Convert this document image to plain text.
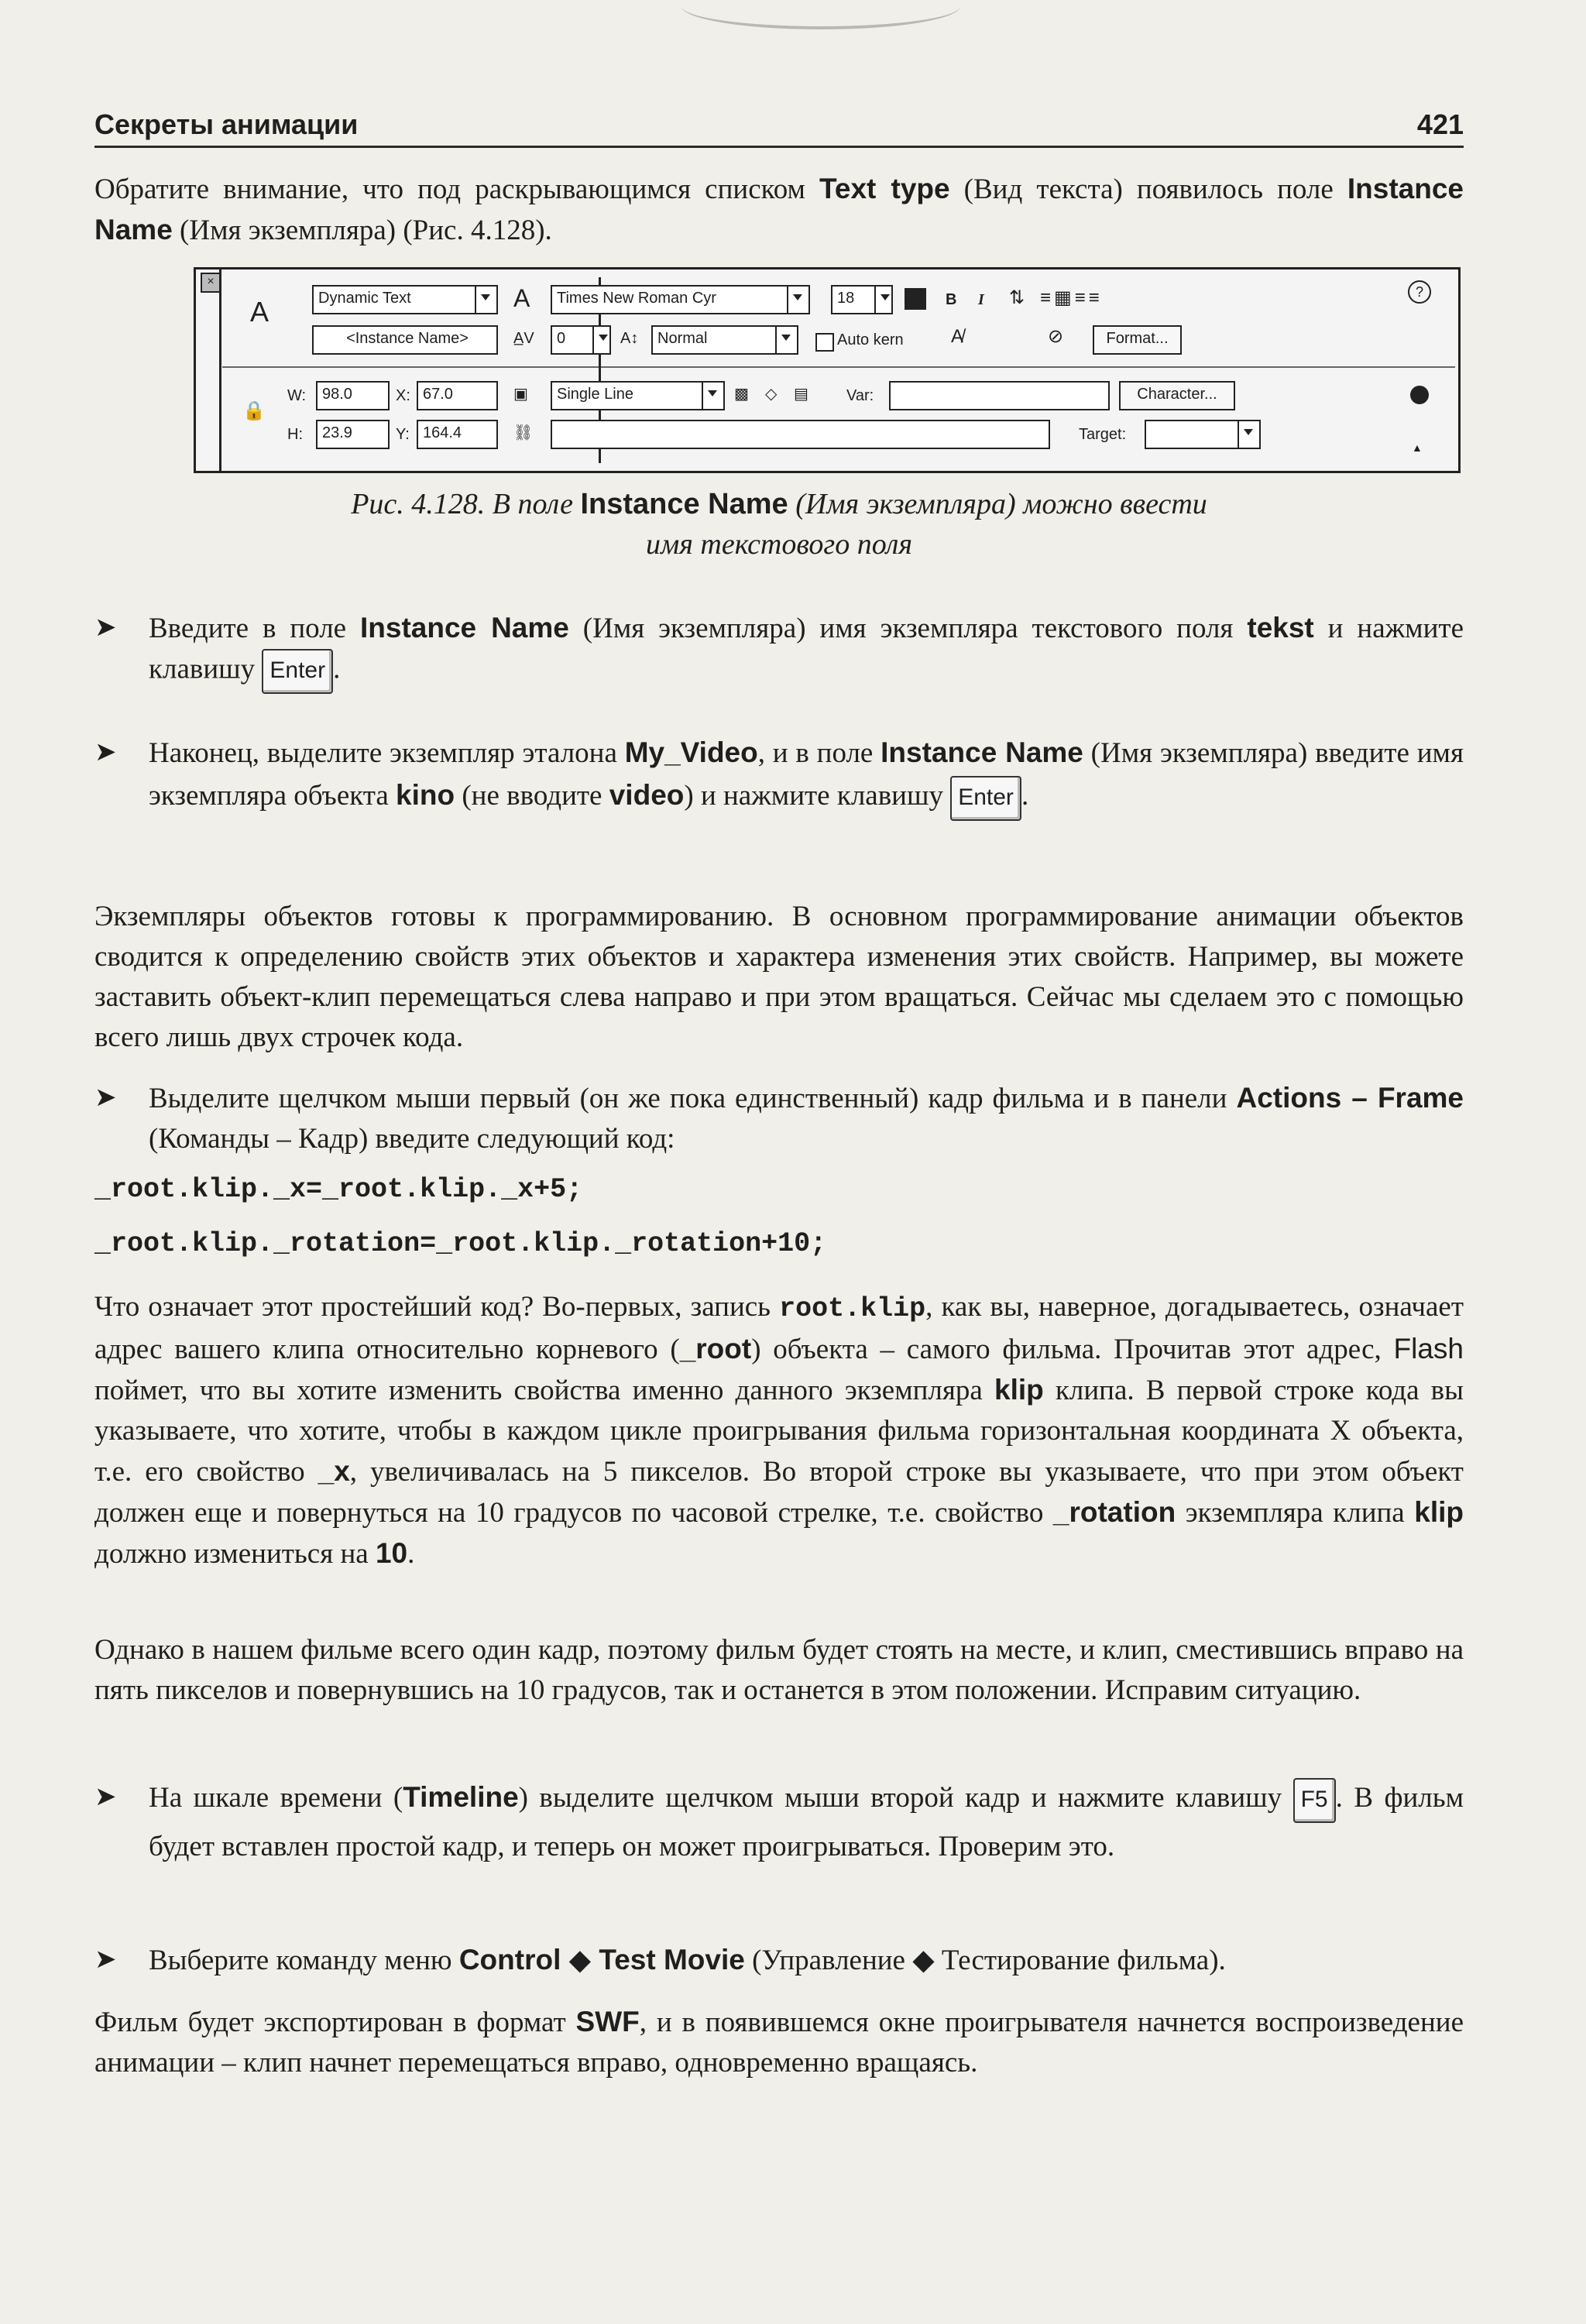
Секреты анимации	421
Обратите внимание, что под раскрывающимся списком Text type (Вид текста) появилось поле Instance Name (Имя экземпляра) (Рис. 4.128).
×
A
🔒
Dynamic Text
<Instance Name>
W:	98.0	X: 67.0
H:	23.9	Y: 164.4
A	Times New Roman Cyr	18	B I ⇅ ≡▦≡≡	?
A̲V	0	A↕	Normal	Auto kern	A̸	⊘	Format...
▣	Single Line	▩ ◇ ▤ Var:	Character...
⛓	Target:
▲
Рис. 4.128. В поле Instance Name (Имя экземпляра) можно ввести
имя текстового поля
➤	Введите в поле Instance Name (Имя экземпляра) имя экземпляра текстового поля tekst и нажмите клавишу Enter .
➤	Наконец, выделите экземпляр эталона My_Video, и в поле Instance Name (Имя экземпляра) введите имя экземпляра объекта kino (не вводите video) и нажмите клавишу Enter .
Экземпляры объектов готовы к программированию. В основном программирование анимации объектов сводится к определению свойств этих объектов и характера изменения этих свойств. Например, вы можете заставить объект-клип перемещаться слева направо и при этом вращаться. Сейчас мы сделаем это с помощью всего лишь двух строчек кода.
➤	Выделите щелчком мыши первый (он же пока единственный) кадр фильма и в панели Actions – Frame (Команды – Кадр) введите следующий код:
_root.klip._x=_root.klip._x+5;
_root.klip._rotation=_root.klip._rotation+10;
Что означает этот простейший код? Во-первых, запись root.klip, как вы, наверное, догадываетесь, означает адрес вашего клипа относительно корневого (_root) объекта – самого фильма. Прочитав этот адрес, Flash поймет, что вы хотите изменить свойства именно данного экземпляра klip клипа. В первой строке кода вы указываете, что хотите, чтобы в каждом цикле проигрывания фильма горизонтальная координата X объекта, т.е. его свойство _x, увеличивалась на 5 пикселов. Во второй строке вы указываете, что при этом объект должен еще и повернуться на 10 градусов по часовой стрелке, т.е. свойство _rotation экземпляра клипа klip должно измениться на 10.
Однако в нашем фильме всего один кадр, поэтому фильм будет стоять на месте, и клип, сместившись вправо на пять пикселов и повернувшись на 10 градусов, так и останется в этом положении. Исправим ситуацию.
➤	На шкале времени (Timeline) выделите щелчком мыши второй кадр и нажмите клавишу F5 . В фильм будет вставлен простой кадр, и теперь он может проигрываться. Проверим это.
➤	Выберите команду меню Control ◆ Test Movie (Управление ◆ Тестирование фильма).
Фильм будет экспортирован в формат SWF, и в появившемся окне проигрывателя начнется воспроизведение анимации – клип начнет перемещаться вправо, одновременно вращаясь.
